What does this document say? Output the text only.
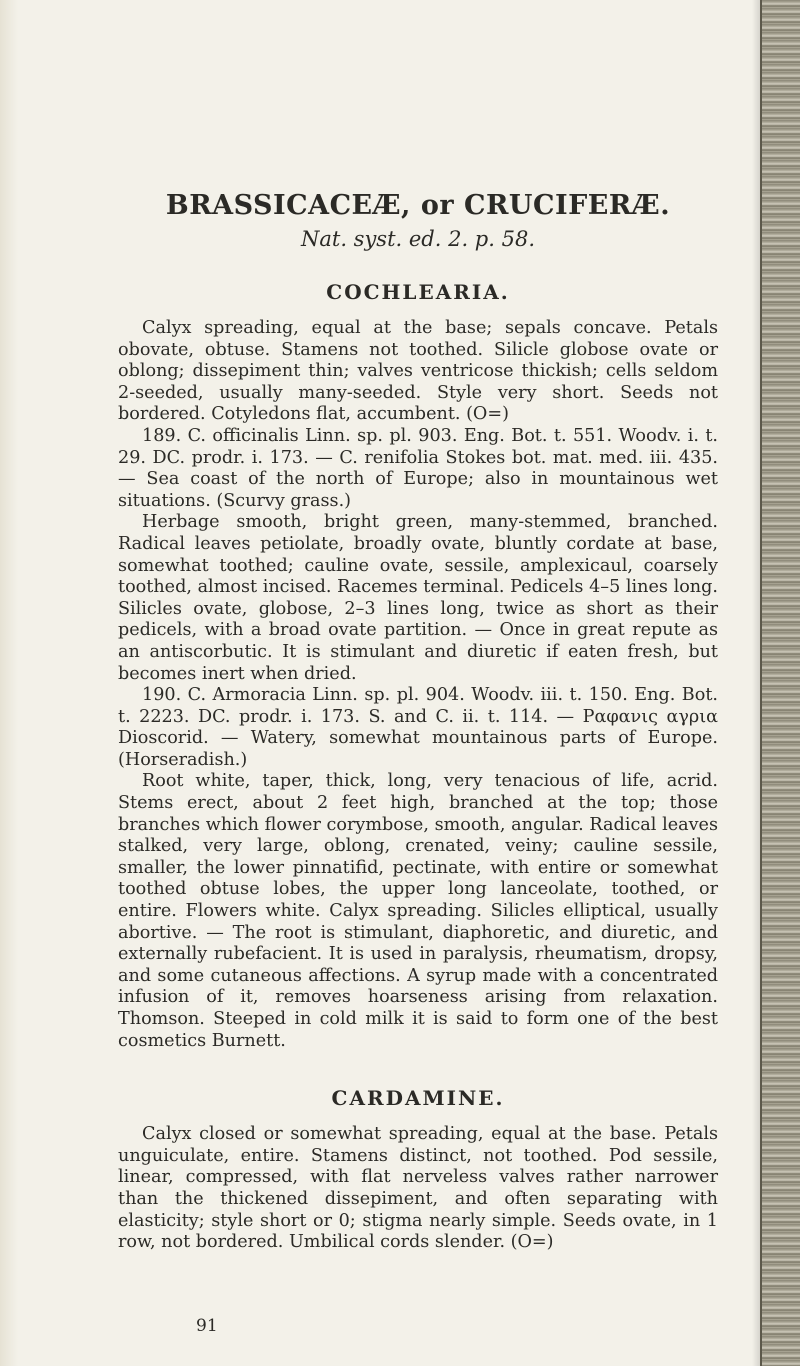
BRASSICACEÆ, or CRUCIFERÆ.
Nat. syst. ed. 2. p. 58.
COCHLEARIA.

Calyx spreading, equal at the base; sepals concave. Petals obovate, obtuse. Stamens not toothed. Silicle globose ovate or oblong; dissepiment thin; valves ventricose thickish; cells seldom 2-seeded, usually many-seeded. Style very short. Seeds not bordered. Cotyledons flat, accumbent. (O=)

189. C. officinalis Linn. sp. pl. 903. Eng. Bot. t. 551. Woodv. i. t. 29. DC. prodr. i. 173. — C. renifolia Stokes bot. mat. med. iii. 435. — Sea coast of the north of Europe; also in mountainous wet situations. (Scurvy grass.)

Herbage smooth, bright green, many-stemmed, branched. Radical leaves petiolate, broadly ovate, bluntly cordate at base, somewhat toothed; cauline ovate, sessile, amplexicaul, coarsely toothed, almost incised. Racemes terminal. Pedicels 4–5 lines long. Silicles ovate, globose, 2–3 lines long, twice as short as their pedicels, with a broad ovate partition. — Once in great repute as an antiscorbutic. It is stimulant and diuretic if eaten fresh, but becomes inert when dried.

190. C. Armoracia Linn. sp. pl. 904. Woodv. iii. t. 150. Eng. Bot. t. 2223. DC. prodr. i. 173. S. and C. ii. t. 114. — Ραφανις αγρια Dioscorid. — Watery, somewhat mountainous parts of Europe. (Horseradish.)

Root white, taper, thick, long, very tenacious of life, acrid. Stems erect, about 2 feet high, branched at the top; those branches which flower corymbose, smooth, angular. Radical leaves stalked, very large, oblong, crenated, veiny; cauline sessile, smaller, the lower pinnatifid, pectinate, with entire or somewhat toothed obtuse lobes, the upper long lanceolate, toothed, or entire. Flowers white. Calyx spreading. Silicles elliptical, usually abortive. — The root is stimulant, diaphoretic, and diuretic, and externally rubefacient. It is used in paralysis, rheumatism, dropsy, and some cutaneous affections. A syrup made with a concentrated infusion of it, removes hoarseness arising from relaxation. Thomson. Steeped in cold milk it is said to form one of the best cosmetics Burnett.

CARDAMINE.

Calyx closed or somewhat spreading, equal at the base. Petals unguiculate, entire. Stamens distinct, not toothed. Pod sessile, linear, compressed, with flat nerveless valves rather narrower than the thickened dissepiment, and often separating with elasticity; style short or 0; stigma nearly simple. Seeds ovate, in 1 row, not bordered. Umbilical cords slender. (O=)

91
